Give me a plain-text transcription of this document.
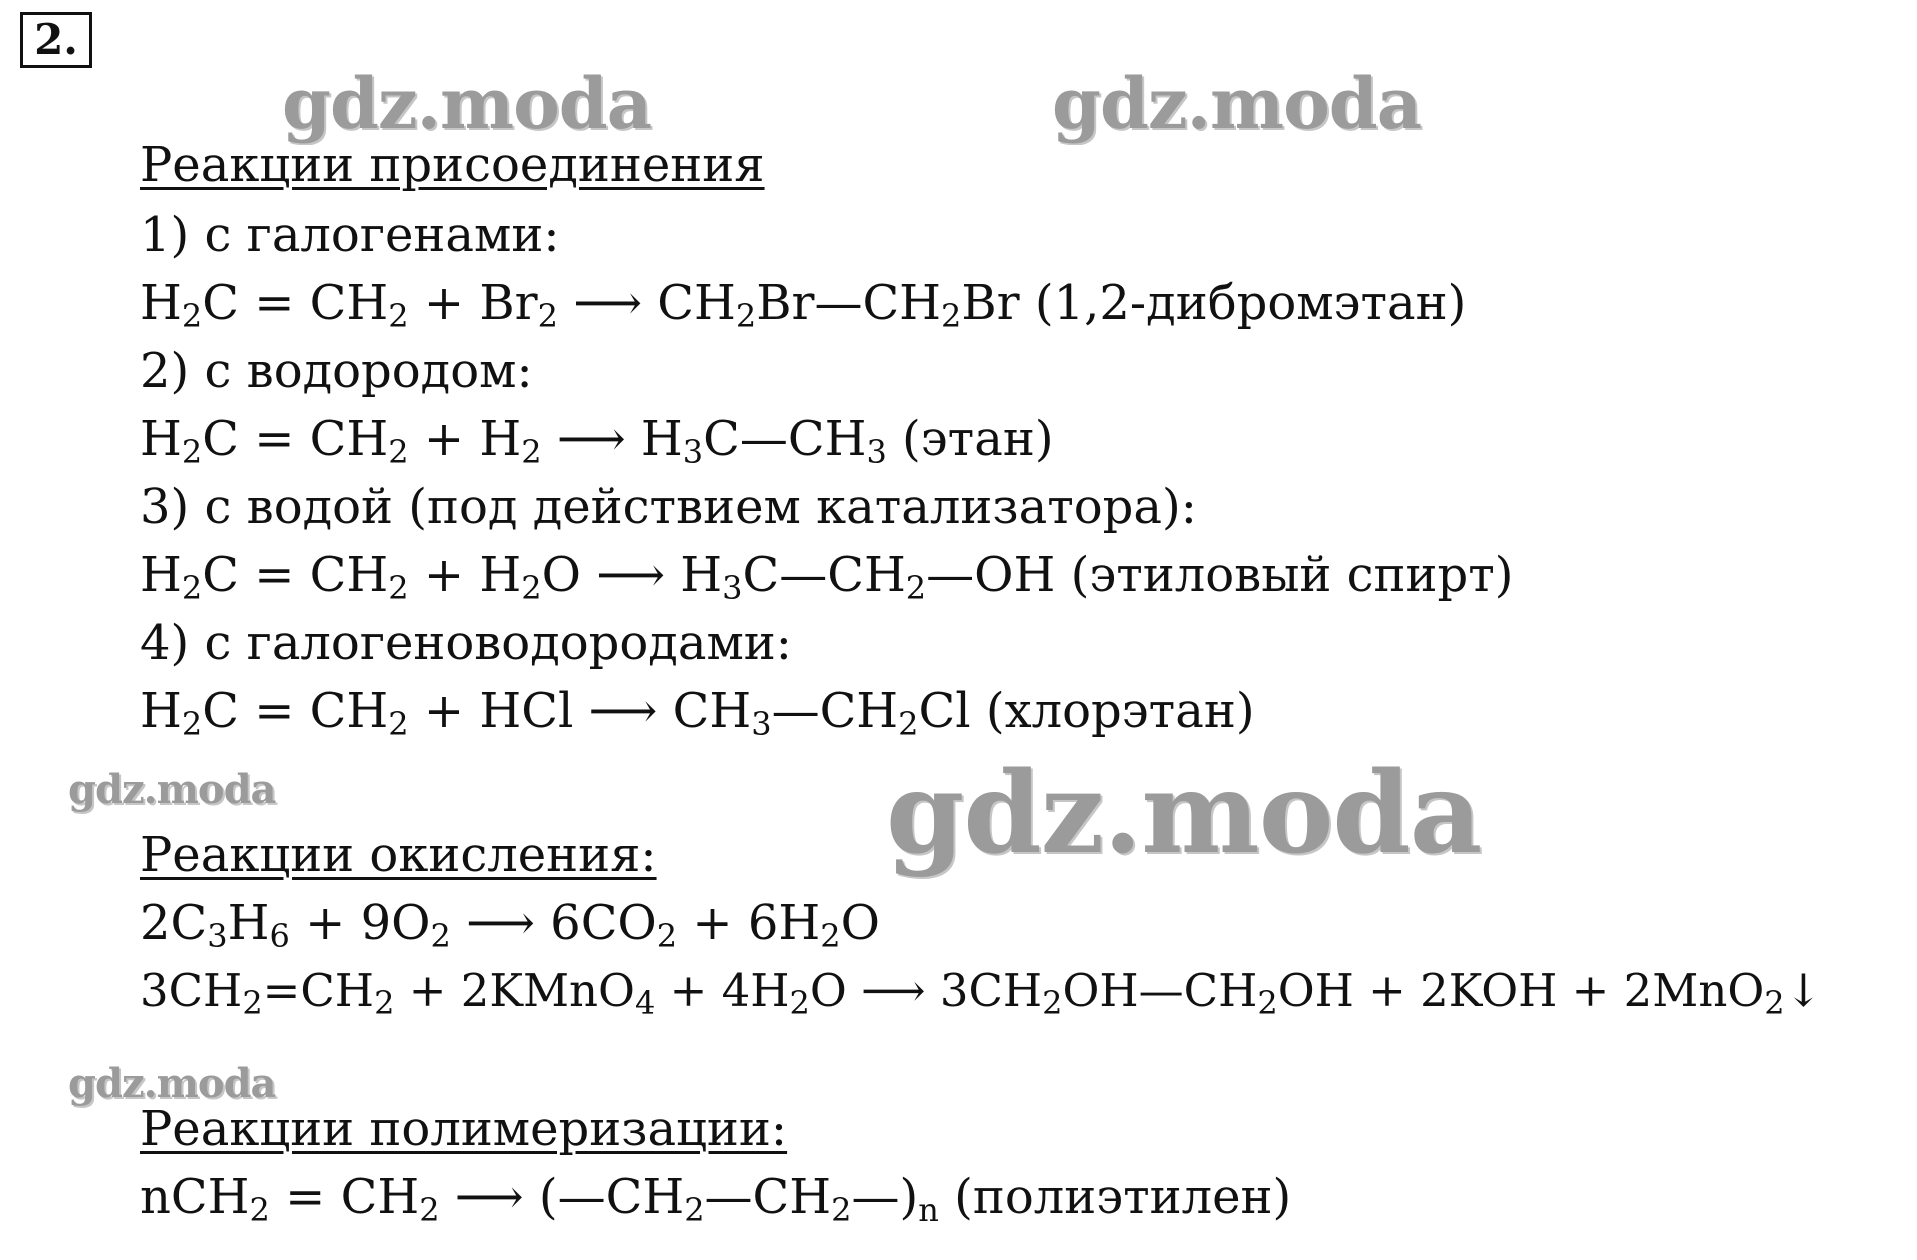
2.
gdz.moda	gdz.moda
gdz.moda	gdz.moda
gdz.moda
Реакции присоединения
1) с галогенами:
$H_2C = CH_2 + Br_2$ ⟶ $CH_2Br—CH_2Br$ (1,2-дибромэтан)
2) с водородом:
$H_2C = CH_2 + H_2$ ⟶ $H_3C—CH_3$ (этан)
3) с водой (под действием катализатора):
$H_2C = CH_2 + H_2O$ ⟶ $H_3C—CH_2—OH$ (этиловый спирт)
4) с галогеноводородами:
$H_2C = CH_2$ + HCl ⟶ $CH_3—CH_2Cl$ (хлорэтан)
Реакции окисления:
$2C_3H_6 + 9O_2$ ⟶ $6CO_2 + 6H_2O$
$3CH_2=CH_2$ + 2KMnO$_4$ + $4H_2O$ ⟶ $3CH_2OH—CH_2OH + 2KOH$ + 2MnO$_2$↓
Реакции полимеризации:
$nCH_2 = CH_2$ ⟶ $(—CH_2—CH_2—)_n$ (полиэтилен)
